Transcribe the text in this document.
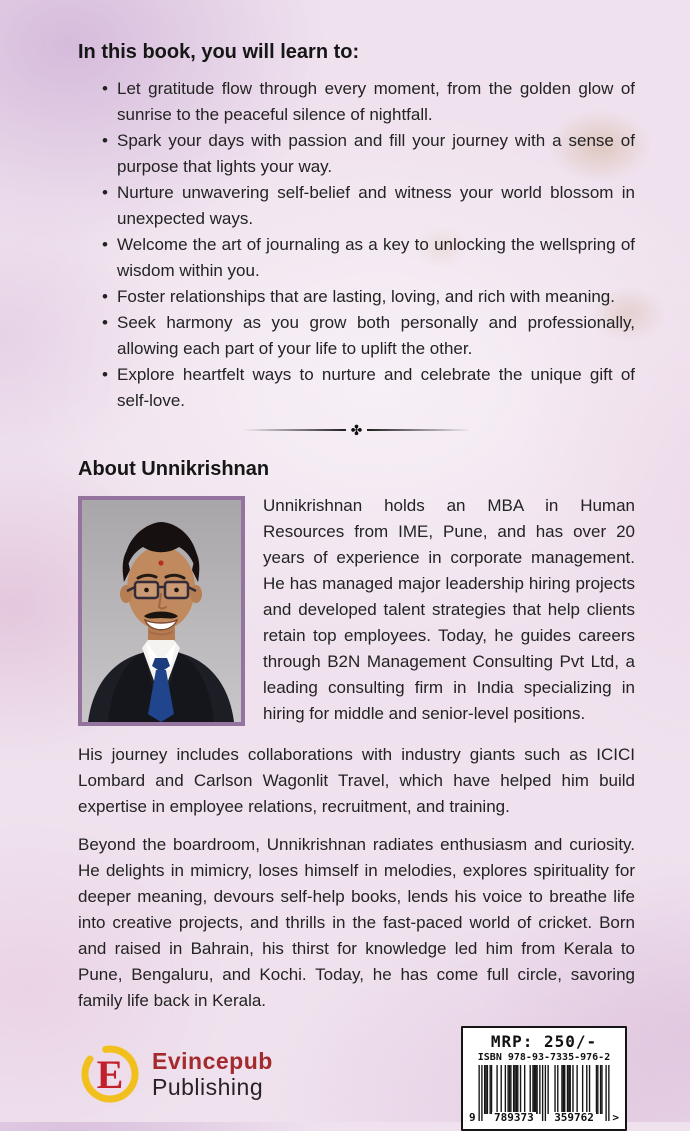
In this book, you will learn to:
• Let gratitude flow through every moment, from the golden glow of sunrise to the peaceful silence of nightfall.
• Spark your days with passion and fill your journey with a sense of purpose that lights your way.
• Nurture unwavering self-belief and witness your world blossom in unexpected ways.
• Welcome the art of journaling as a key to unlocking the wellspring of wisdom within you.
• Foster relationships that are lasting, loving, and rich with meaning.
• Seek harmony as you grow both personally and professionally, allowing each part of your life to uplift the other.
• Explore heartfelt ways to nurture and celebrate the unique gift of self-love.
✤
About Unnikrishnan
Unnikrishnan holds an MBA in Human Resources from IME, Pune, and has over 20 years of experience in corporate management. He has managed major leadership hiring projects and developed talent strategies that help clients retain top employees. Today, he guides careers through B2N Management Consulting Pvt Ltd, a leading consulting firm in India specializing in hiring for middle and senior-level positions.

His journey includes collaborations with industry giants such as ICICI Lombard and Carlson Wagonlit Travel, which have helped him build expertise in employee relations, recruitment, and training.

Beyond the boardroom, Unnikrishnan radiates enthusiasm and curiosity. He delights in mimicry, loses himself in melodies, explores spirituality for deeper meaning, devours self-help books, lends his voice to breathe life into creative projects, and thrills in the fast-paced world of cricket. Born and raised in Bahrain, his thirst for knowledge led him from Kerala to Pune, Bengaluru, and Kochi. Today, he has come full circle, savoring family life back in Kerala.

E Evincepub
Publishing
MRP: 250/-
ISBN 978-93-7335-976-2
9 789373 359762 >
